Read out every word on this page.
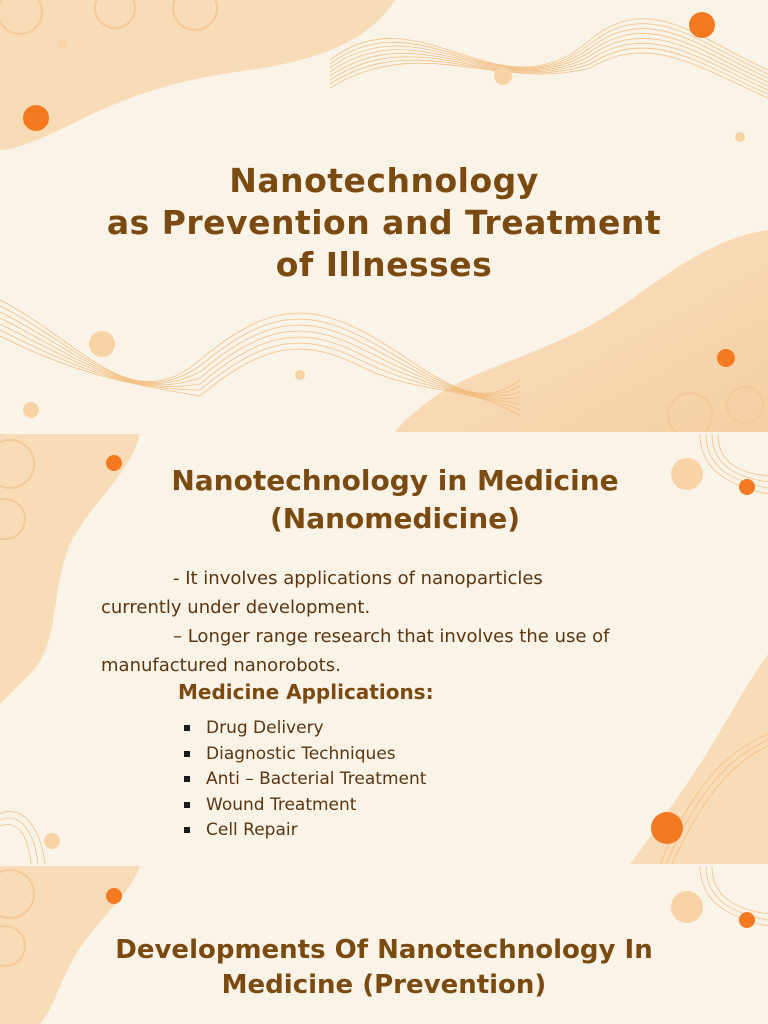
Nanotechnology
as Prevention and Treatment
of Illnesses
Nanotechnology in Medicine
(Nanomedicine)

- It involves applications of nanoparticles
currently under development.

– Longer range research that involves the use of
manufactured nanorobots.

Medicine Applications:
Drug Delivery
Diagnostic Techniques
Anti – Bacterial Treatment
Wound Treatment
Cell Repair
Developments Of Nanotechnology In
Medicine (Prevention)
